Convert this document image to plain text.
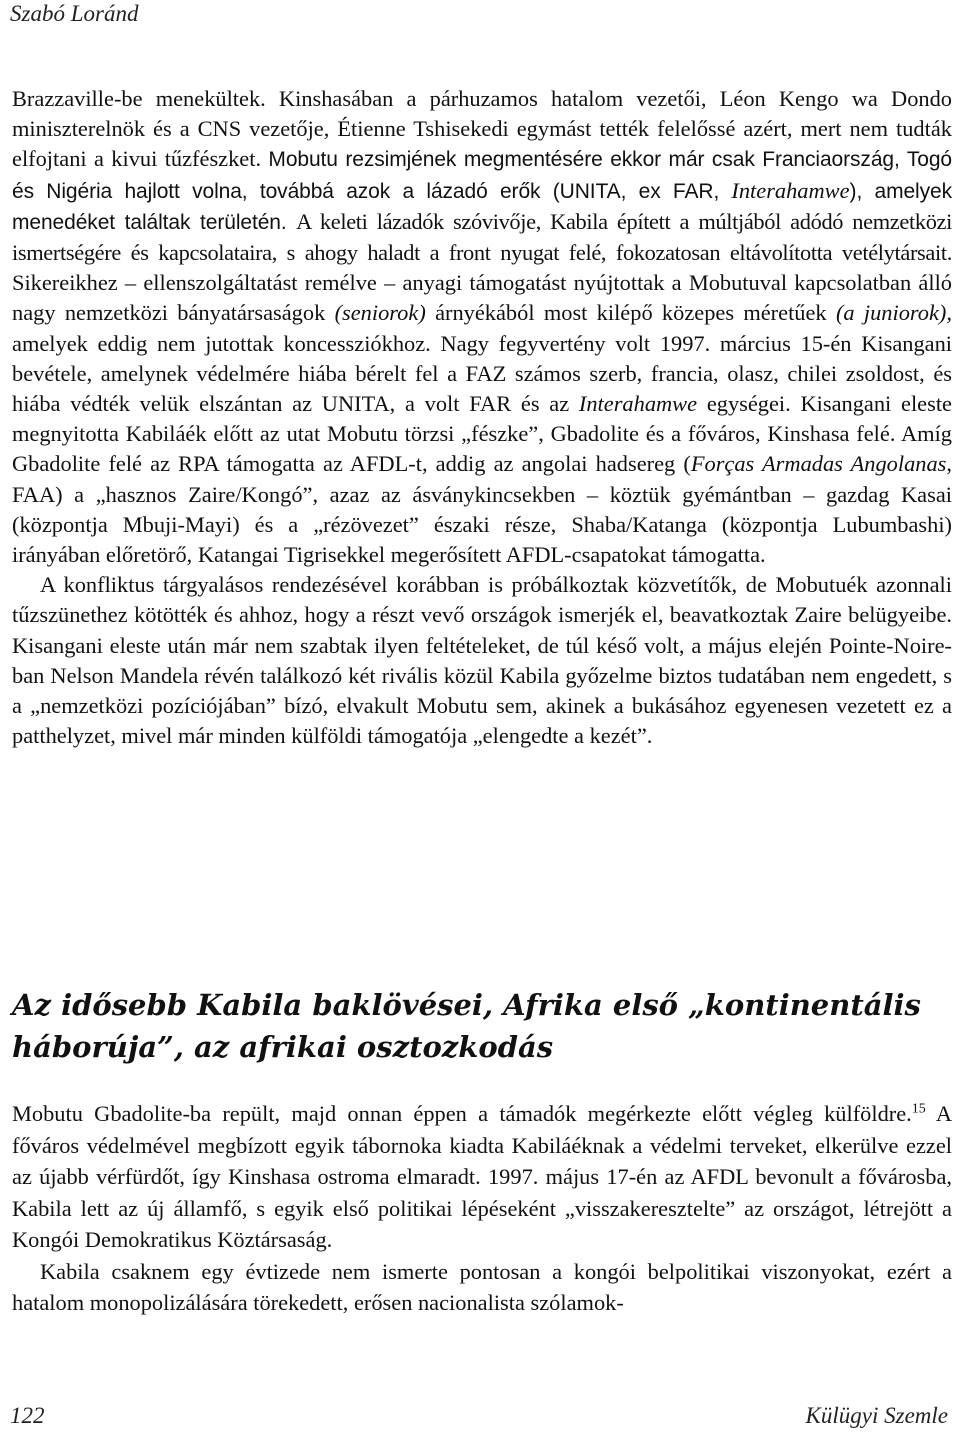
Szabó Loránd

Brazzaville-be menekültek. Kinshasában a párhuzamos hatalom vezetői, Léon Kengo wa Dondo miniszterelnök és a CNS vezetője, Étienne Tshisekedi egymást tették felelőssé azért, mert nem tudták elfojtani a kivui tűzfészket. Mobutu rezsimjének megmentésére ekkor már csak Franciaország, Togó és Nigéria hajlott volna, továbbá azok a lázadó erők (UNITA, ex FAR, Interahamwe), amelyek menedéket találtak területén. A keleti lázadók szóvivője, Kabila épített a múltjából adódó nemzetközi ismertségére és kapcsolataira, s ahogy haladt a front nyugat felé, fokozatosan eltávolította vetélytársait. Sikereikhez – ellenszolgáltatást remélve – anyagi támogatást nyújtottak a Mobutuval kapcsolatban álló nagy nemzetközi bányatársaságok (seniorok) árnyékából most kilépő közepes méretűek (a juniorok), amelyek eddig nem jutottak koncessziókhoz. Nagy fegyvertény volt 1997. március 15-én Kisangani bevétele, amelynek védelmére hiába bérelt fel a FAZ számos szerb, francia, olasz, chilei zsoldost, és hiába védték velük elszántan az UNITA, a volt FAR és az Interahamwe egységei. Kisangani eleste megnyitotta Kabiláék előtt az utat Mobutu törzsi „fészke”, Gbadolite és a főváros, Kinshasa felé. Amíg Gbadolite felé az RPA támogatta az AFDL-t, addig az angolai hadsereg (Forças Armadas Angolanas, FAA) a „hasznos Zaire/Kongó”, azaz az ásványkincsekben – köztük gyémántban – gazdag Kasai (központja Mbuji-Mayi) és a „rézövezet” északi része, Shaba/Katanga (központja Lubumbashi) irányában előretörő, Katangai Tigrisekkel megerősített AFDL-csapatokat támogatta.

A konfliktus tárgyalásos rendezésével korábban is próbálkoztak közvetítők, de Mobutuék azonnali tűzszünethez kötötték és ahhoz, hogy a részt vevő országok ismerjék el, beavatkoztak Zaire belügyeibe. Kisangani eleste után már nem szabtak ilyen feltételeket, de túl késő volt, a május elején Pointe-Noire-ban Nelson Mandela révén találkozó két rivális közül Kabila győzelme biztos tudatában nem engedett, s a „nemzetközi pozíciójában” bízó, elvakult Mobutu sem, akinek a bukásához egyenesen vezetett ez a patthelyzet, mivel már minden külföldi támogatója „elengedte a kezét”.

Az idősebb Kabila baklövései, Afrika első „kontinentális háborúja”, az afrikai osztozkodás

Mobutu Gbadolite-ba repült, majd onnan éppen a támadók megérkezte előtt végleg külföldre.$^{15}$ A főváros védelmével megbízott egyik tábornoka kiadta Kabiláéknak a védelmi terveket, elkerülve ezzel az újabb vérfürdőt, így Kinshasa ostroma elmaradt. 1997. május 17-én az AFDL bevonult a fővárosba, Kabila lett az új államfő, s egyik első politikai lépéseként „visszakeresztelte” az országot, létrejött a Kongói Demokratikus Köztársaság.

Kabila csaknem egy évtizede nem ismerte pontosan a kongói belpolitikai viszonyokat, ezért a hatalom monopolizálására törekedett, erősen nacionalista szólamok-

122	Külügyi Szemle
